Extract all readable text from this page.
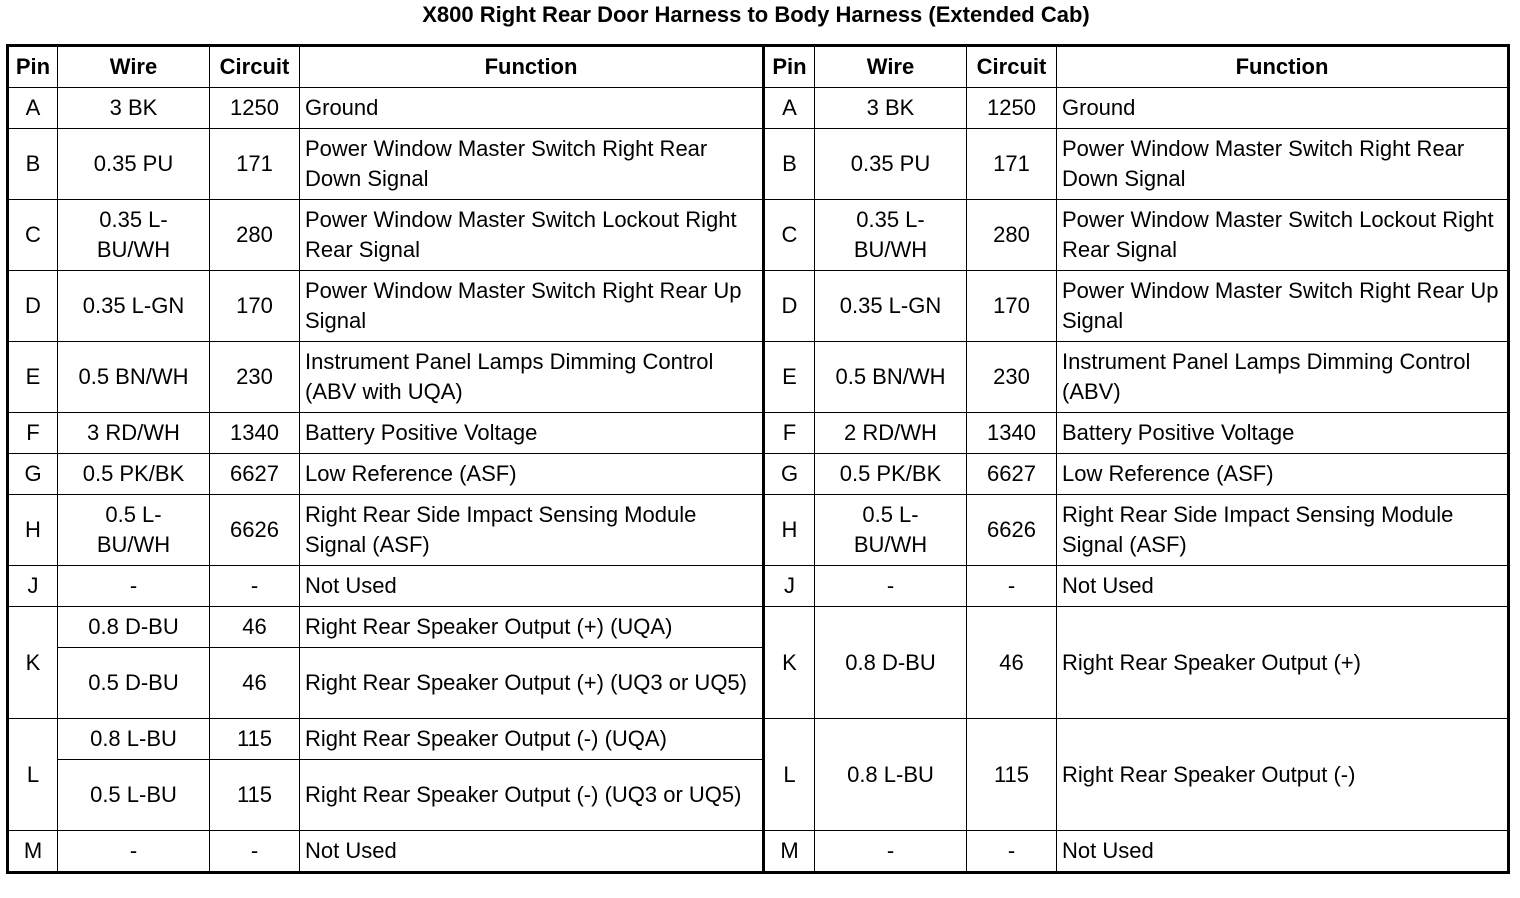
X800 Right Rear Door Harness to Body Harness (Extended Cab)
Pin	Wire	Circuit	Function	Pin	Wire	Circuit	Function
A	3 BK	1250	Ground	A	3 BK	1250	Ground
B	0.35 PU	171	Power Window Master Switch Right Rear Down Signal	B	0.35 PU	171	Power Window Master Switch Right Rear Down Signal
C	0.35 L-BU/WH	280	Power Window Master Switch Lockout Right Rear Signal	C	0.35 L-BU/WH	280	Power Window Master Switch Lockout Right Rear Signal
D	0.35 L-GN	170	Power Window Master Switch Right Rear Up Signal	D	0.35 L-GN	170	Power Window Master Switch Right Rear Up Signal
E	0.5 BN/WH	230	Instrument Panel Lamps Dimming Control (ABV with UQA)	E	0.5 BN/WH	230	Instrument Panel Lamps Dimming Control (ABV)
F	3 RD/WH	1340	Battery Positive Voltage	F	2 RD/WH	1340	Battery Positive Voltage
G	0.5 PK/BK	6627	Low Reference (ASF)	G	0.5 PK/BK	6627	Low Reference (ASF)
H	0.5 L-BU/WH	6626	Right Rear Side Impact Sensing Module Signal (ASF)	H	0.5 L-BU/WH	6626	Right Rear Side Impact Sensing Module Signal (ASF)
J	-	-	Not Used	J	-	-	Not Used
K	0.8 D-BU	46	Right Rear Speaker Output (+) (UQA)	K	0.8 D-BU	46	Right Rear Speaker Output (+)
	0.5 D-BU	46	Right Rear Speaker Output (+) (UQ3 or UQ5)				
L	0.8 L-BU	115	Right Rear Speaker Output (-) (UQA)	L	0.8 L-BU	115	Right Rear Speaker Output (-)
	0.5 L-BU	115	Right Rear Speaker Output (-) (UQ3 or UQ5)				
M	-	-	Not Used	M	-	-	Not Used
